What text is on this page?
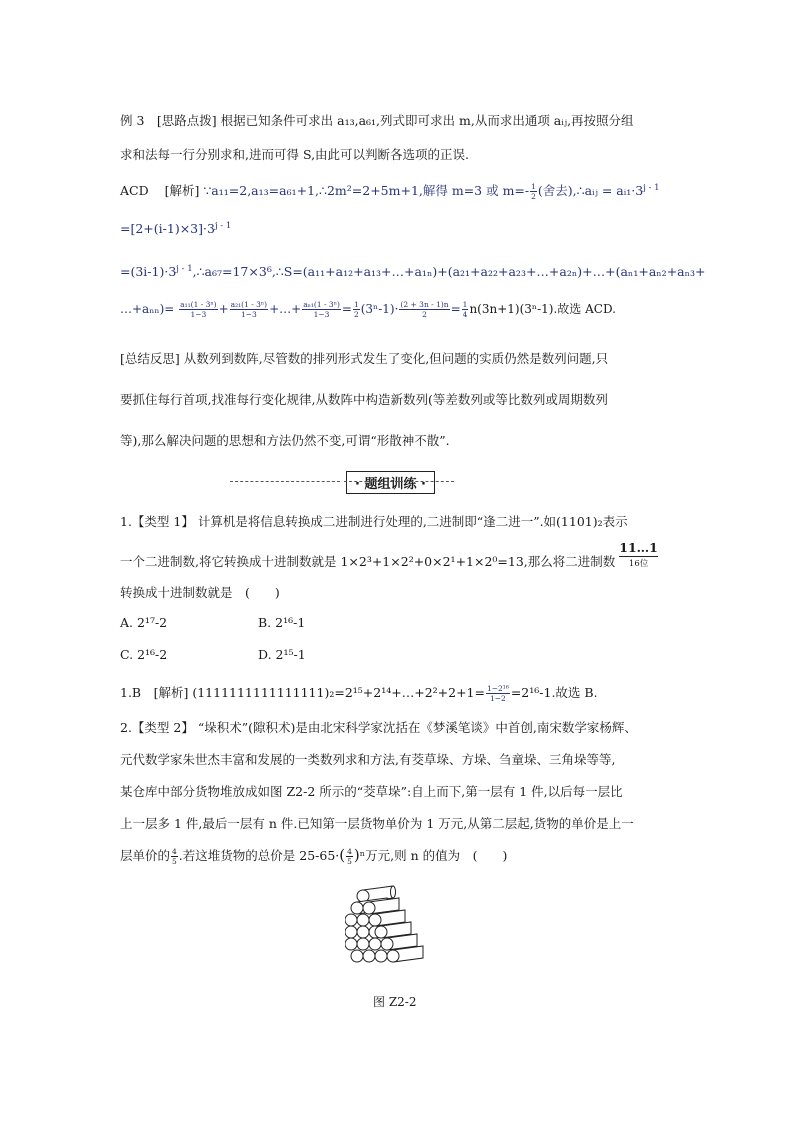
例 3　[思路点拨] 根据已知条件可求出 a₁₃,a₆₁,列式即可求出 m,从而求出通项 aᵢⱼ,再按照分组
求和法每一行分别求和,进而可得 S,由此可以判断各选项的正误.
ACD [解析] ∵a₁₁=2,a₁₃=a₆₁+1,∴2m²=2+5m+1,解得 m=3 或 $m=- \frac{1}{2}$ (舍去),∴aᵢⱼ = $aᵢ_1\cdot 3^{j - 1}$
$=[2+(i-1)\times 3]\cdot 3^{j - 1}$
$=(3i-1)\cdot 3^{j - 1},\therefore a_{67}=17\times 3^6,\therefore S=(a_{11}+a_{12}+a_{13}+\dots+a_{1n})+(a_{21}+a_{22}+a_{23}+\dots+a_{2n})+\dots+(a_{n1}+a_{n2}+a_{n3}+$
…+aₙₙ)= $\frac{\text{a₁₁(1 - 3ⁿ)}}{1-3} + \frac{\text{a₂₁(1 - 3ⁿ)}}{1-3}$ +…+ $\frac{\text{aₙ₁(1 - 3ⁿ)}}{1-3} = \frac{1}{2} (3^n-1)\cdot \frac{(2 + 3n - 1)n}{2} = \frac{1}{4} n(3n+1)(3^n-1)$.故选 ACD.
[总结反思] 从数列到数阵,尽管数的排列形式发生了变化,但问题的实质仍然是数列问题,只
要抓住每行首项,找准每行变化规律,从数阵中构造新数列(等差数列或等比数列或周期数列
等),那么解决问题的思想和方法仍然不变,可谓“形散神不散”.
· 题组训练 ·
1.【类型 1】 计算机是将信息转换成二进制进行处理的,二进制即“逢二进一”.如(1101)₂表示
一个二进制数,将它转换成十进制数就是 1×2³+1×2²+0×2¹+1×2⁰=13,那么将二进制数 11…1
16位
转换成十进制数就是　(　　)
A. 2¹⁷-2	B. 2¹⁶-1
C. 2¹⁶-2	D. 2¹⁵-1
1.B　[解析] (1111111111111111)₂=2¹⁵+2¹⁴+…+2²+2+1= $\frac{\text{1−2¹⁶}}{1-2} =2^{16}-1$.故选 B.
2.【类型 2】 “垛积术”(隙积术)是由北宋科学家沈括在《梦溪笔谈》中首创,南宋数学家杨辉、
元代数学家朱世杰丰富和发展的一类数列求和方法,有茭草垛、方垛、刍童垛、三角垛等等,
某仓库中部分货物堆放成如图 Z2-2 所示的“茭草垛”:自上而下,第一层有 1 件,以后每一层比
上一层多 1 件,最后一层有 n 件.已知第一层货物单价为 1 万元,从第二层起,货物的单价是上一
层单价的 $\frac{4}{5}$ .若这堆货物的总价是 $25-65\cdot( \frac{4}{5} )^n$万元,则 n 的值为　(　　)
图 Z2-2
